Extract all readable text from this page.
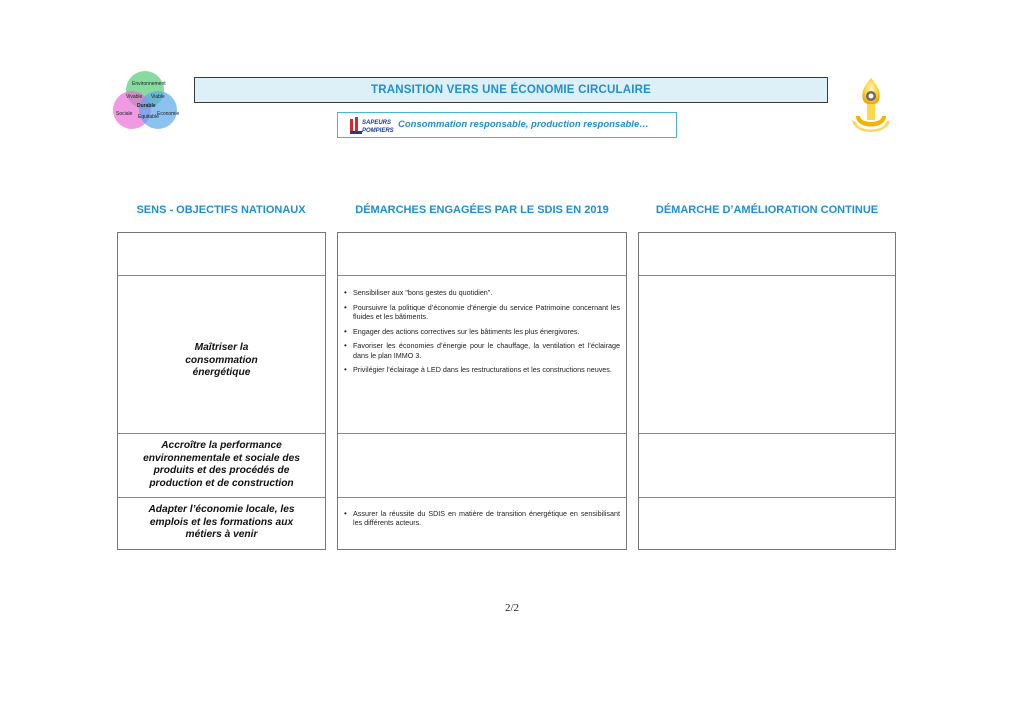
Environnement
Vivable Viable
Durable
Sociale Equitable
Economie
TRANSITION VERS UNE ÉCONOMIE CIRCULAIRE
SAPEURS
POMPIERS
Consommation responsable, production responsable…
SENS - OBJECTIFS NATIONAUX	DÉMARCHES ENGAGÉES PAR LE SDIS EN 2019	DÉMARCHE D’AMÉLIORATION CONTINUE
Maîtriser la consommation énergétique
Accroître la performance environnementale et sociale des produits et des procédés de production et de construction
Adapter l’économie locale, les emplois et les formations aux métiers à venir
• Sensibiliser aux "bons gestes du quotidien".
• Poursuivre la politique d’économie d’énergie du service Patrimoine concernant les fluides et les bâtiments.
• Engager des actions correctives sur les bâtiments les plus énergivores.
• Favoriser les économies d’énergie pour le chauffage, la ventilation et l’éclairage dans le plan IMMO 3.
• Privilégier l’éclairage à LED dans les restructurations et les constructions neuves.
• Assurer la réussite du SDIS en matière de transition énergétique en sensibilisant les différents acteurs.
2/2
